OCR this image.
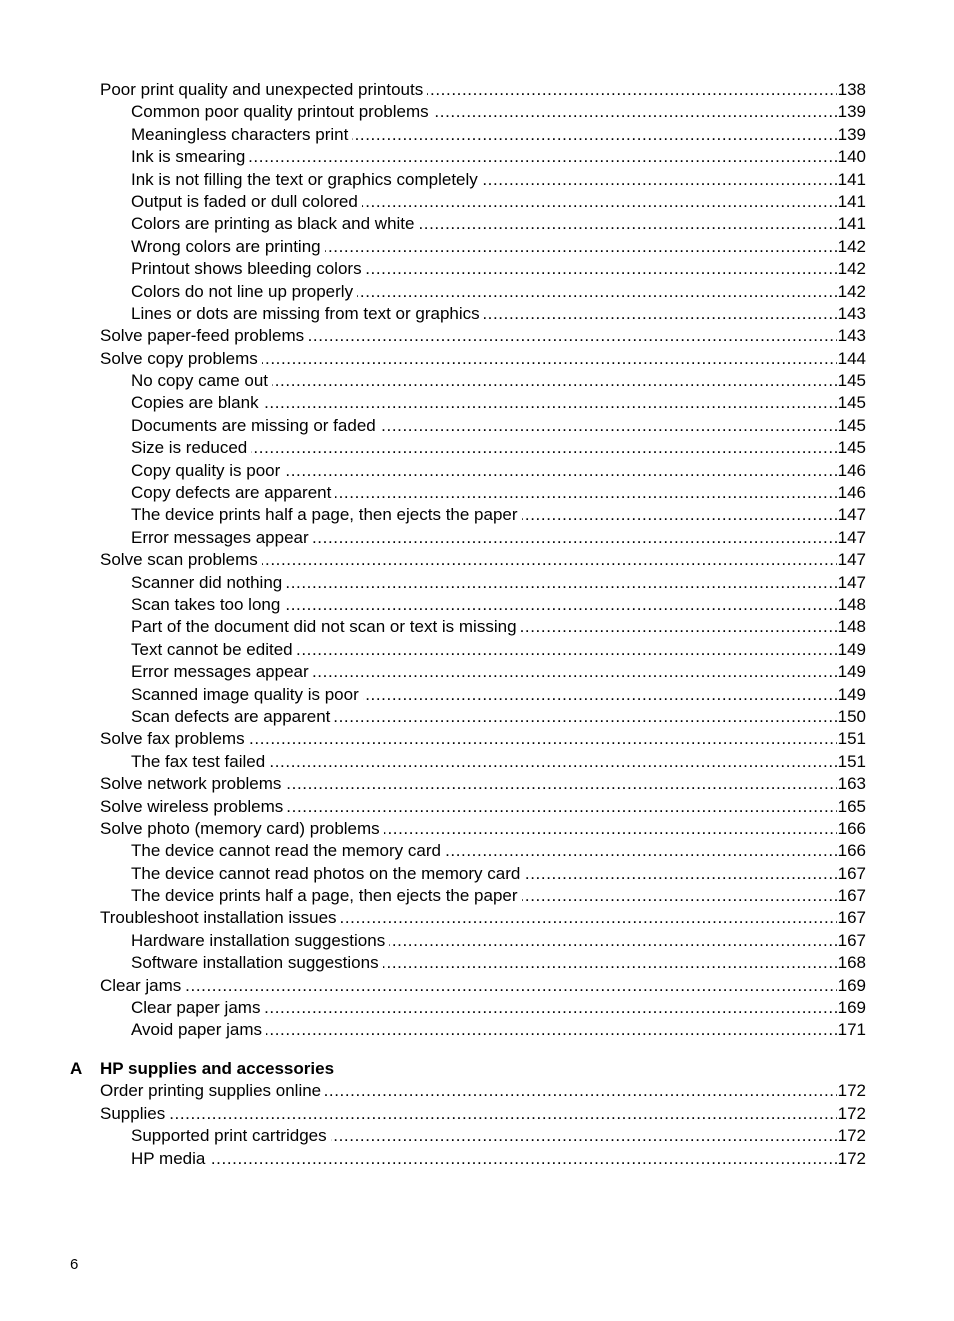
.....
Poor print quality and unexpected printouts	138
.....
Common poor quality printout problems	139
.....
Meaningless characters print	139
.....
Ink is smearing	140
.....
Ink is not filling the text or graphics completely	141
.....
Output is faded or dull colored	141
.....
Colors are printing as black and white	141
.....
Wrong colors are printing	142
.....
Printout shows bleeding colors	142
.....
Colors do not line up properly	142
.....
Lines or dots are missing from text or graphics	143
.....
Solve paper-feed problems	143
.....
Solve copy problems	144
.....
No copy came out	145
.....
Copies are blank	145
.....
Documents are missing or faded	145
.....
Size is reduced	145
.....
Copy quality is poor	146
.....
Copy defects are apparent	146
.....
The device prints half a page, then ejects the paper	147
.....
Error messages appear	147
.....
Solve scan problems	147
.....
Scanner did nothing	147
.....
Scan takes too long	148
.....
Part of the document did not scan or text is missing	148
.....
Text cannot be edited	149
.....
Error messages appear	149
.....
Scanned image quality is poor	149
.....
Scan defects are apparent	150
.....
Solve fax problems	151
.....
The fax test failed	151
.....
Solve network problems	163
.....
Solve wireless problems	165
.....
Solve photo (memory card) problems	166
.....
The device cannot read the memory card	166
.....
The device cannot read photos on the memory card	167
.....
The device prints half a page, then ejects the paper	167
.....
Troubleshoot installation issues	167
.....
Hardware installation suggestions	167
.....
Software installation suggestions	168
.....
Clear jams	169
.....
Clear paper jams	169
.....
Avoid paper jams	171
A HP supplies and accessories
.....
Order printing supplies online	172
.....
Supplies	172
.....
Supported print cartridges	172
.....
HP media	172
6
